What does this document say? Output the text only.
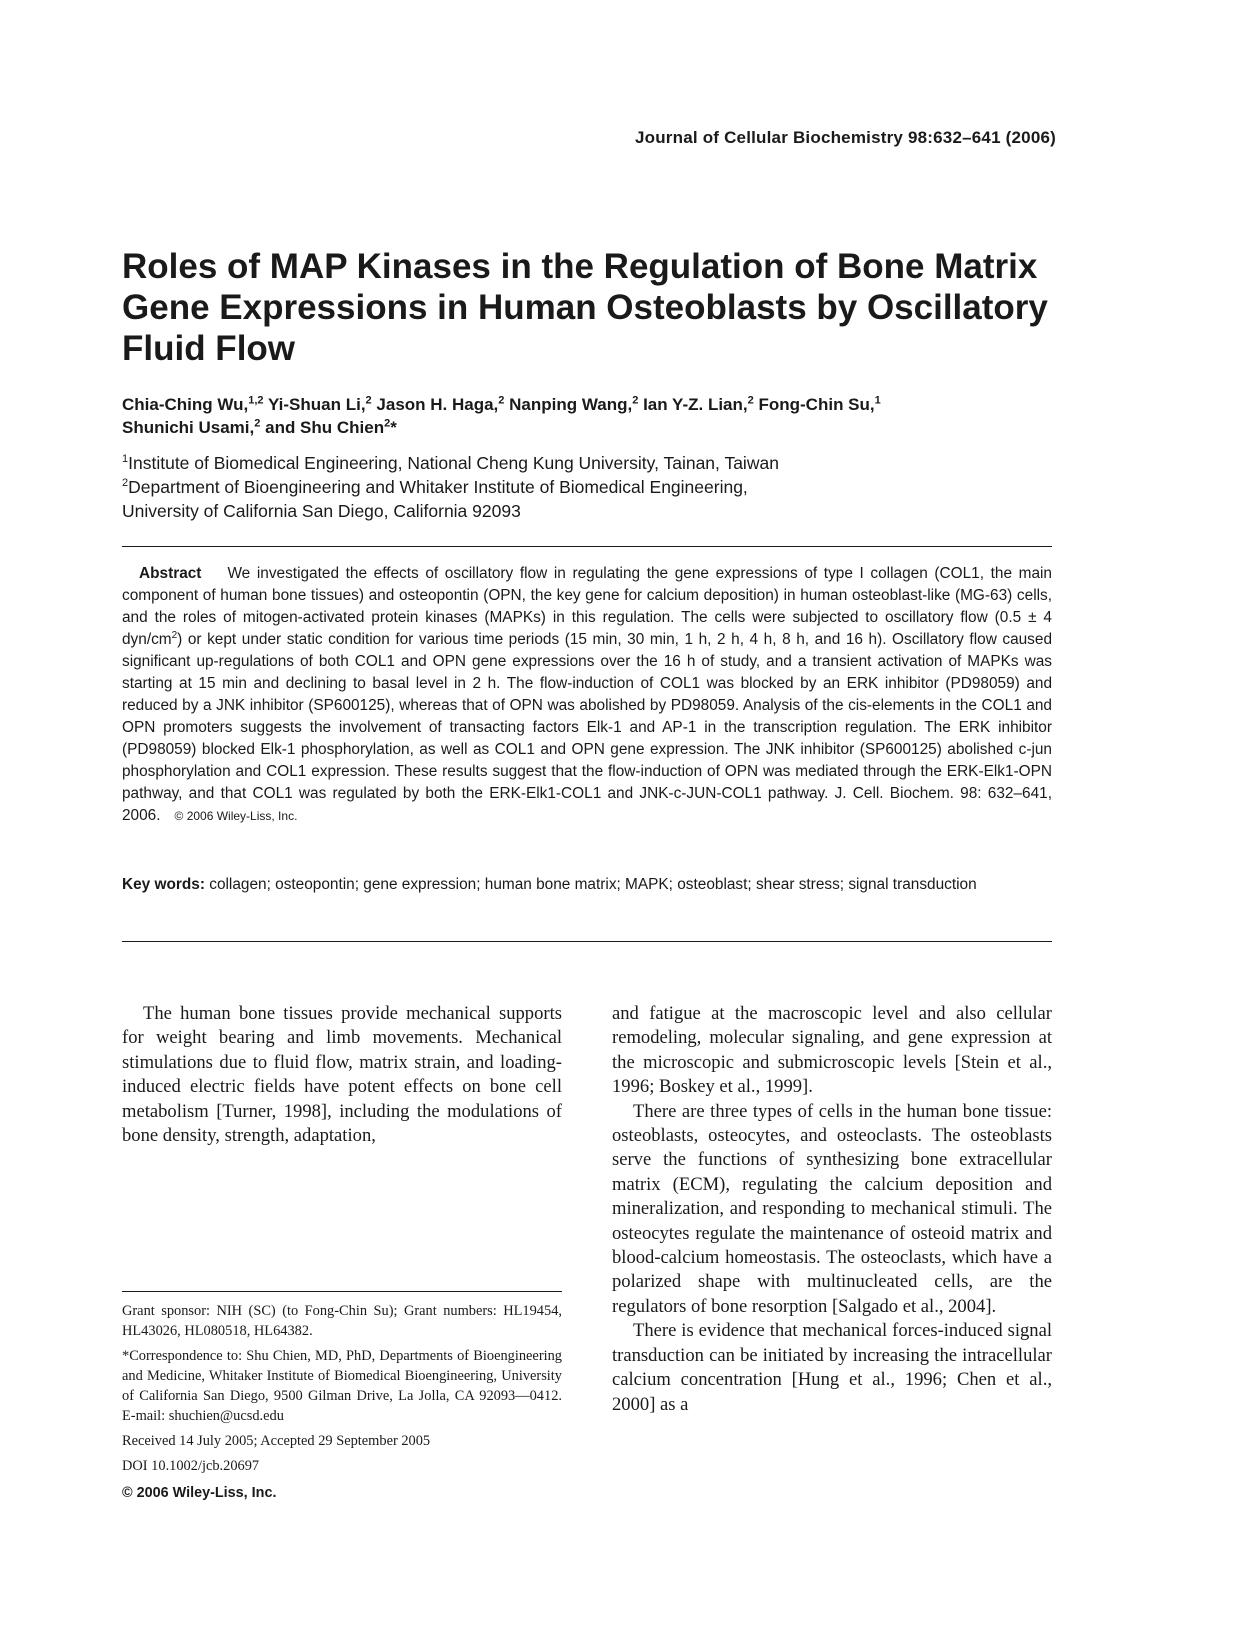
Journal of Cellular Biochemistry 98:632–641 (2006)
Roles of MAP Kinases in the Regulation of Bone Matrix Gene Expressions in Human Osteoblasts by Oscillatory Fluid Flow
Chia-Ching Wu,$^{1,2}$ Yi-Shuan Li,$^2$ Jason H. Haga,$^2$ Nanping Wang,$^2$ Ian Y-Z. Lian,$^2$ Fong-Chin Su,$^1$
Shunichi Usami,$^2$ and Shu Chien$^2$*
$^1$Institute of Biomedical Engineering, National Cheng Kung University, Tainan, Taiwan
$^2$Department of Bioengineering and Whitaker Institute of Biomedical Engineering,
University of California San Diego, California 92093

Abstract We investigated the effects of oscillatory flow in regulating the gene expressions of type I collagen (COL1, the main component of human bone tissues) and osteopontin (OPN, the key gene for calcium deposition) in human osteoblast-like (MG-63) cells, and the roles of mitogen-activated protein kinases (MAPKs) in this regulation. The cells were subjected to oscillatory flow (0.5 ± 4 dyn/$cm^2$) or kept under static condition for various time periods (15 min, 30 min, 1 h, 2 h, 4 h, 8 h, and 16 h). Oscillatory flow caused significant up-regulations of both COL1 and OPN gene expressions over the 16 h of study, and a transient activation of MAPKs was starting at 15 min and declining to basal level in 2 h. The flow-induction of COL1 was blocked by an ERK inhibitor (PD98059) and reduced by a JNK inhibitor (SP600125), whereas that of OPN was abolished by PD98059. Analysis of the cis-elements in the COL1 and OPN promoters suggests the involvement of transacting factors Elk-1 and AP-1 in the transcription regulation. The ERK inhibitor (PD98059) blocked Elk-1 phosphorylation, as well as COL1 and OPN gene expression. The JNK inhibitor (SP600125) abolished c-jun phosphorylation and COL1 expression. These results suggest that the flow-induction of OPN was mediated through the ERK-Elk1-OPN pathway, and that COL1 was regulated by both the ERK-Elk1-COL1 and JNK-c-JUN-COL1 pathway. J. Cell. Biochem. 98: 632–641, 2006. © 2006 Wiley-Liss, Inc.

Key words: collagen; osteopontin; gene expression; human bone matrix; MAPK; osteoblast; shear stress; signal transduction

The human bone tissues provide mechanical supports for weight bearing and limb movements. Mechanical stimulations due to fluid flow, matrix strain, and loading-induced electric fields have potent effects on bone cell metabolism [Turner, 1998], including the modulations of bone density, strength, adaptation,

and fatigue at the macroscopic level and also cellular remodeling, molecular signaling, and gene expression at the microscopic and submicroscopic levels [Stein et al., 1996; Boskey et al., 1999].

There are three types of cells in the human bone tissue: osteoblasts, osteocytes, and osteoclasts. The osteoblasts serve the functions of synthesizing bone extracellular matrix (ECM), regulating the calcium deposition and mineralization, and responding to mechanical stimuli. The osteocytes regulate the maintenance of osteoid matrix and blood-calcium homeostasis. The osteoclasts, which have a polarized shape with multinucleated cells, are the regulators of bone resorption [Salgado et al., 2004].

There is evidence that mechanical forces-induced signal transduction can be initiated by increasing the intracellular calcium concentration [Hung et al., 1996; Chen et al., 2000] as a

Grant sponsor: NIH (SC) (to Fong-Chin Su); Grant numbers: HL19454, HL43026, HL080518, HL64382.

*Correspondence to: Shu Chien, MD, PhD, Departments of Bioengineering and Medicine, Whitaker Institute of Biomedical Bioengineering, University of California San Diego, 9500 Gilman Drive, La Jolla, CA 92093—0412. E-mail: shuchien@ucsd.edu

Received 14 July 2005; Accepted 29 September 2005

DOI 10.1002/jcb.20697

© 2006 Wiley-Liss, Inc.
